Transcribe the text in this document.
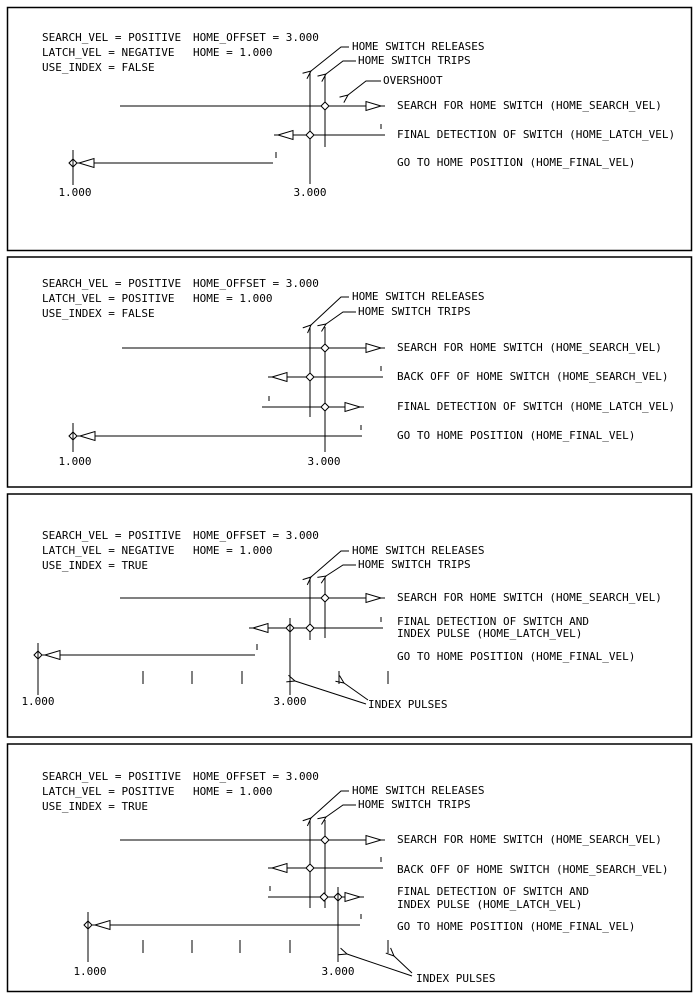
SEARCH_VEL = POSITIVE
LATCH_VEL = NEGATIVE
USE_INDEX = FALSE
HOME_OFFSET = 3.000
HOME = 1.000	HOME SWITCH RELEASES
HOME SWITCH TRIPS
OVERSHOOT
SEARCH FOR HOME SWITCH (HOME_SEARCH_VEL)
FINAL DETECTION OF SWITCH (HOME_LATCH_VEL)
GO TO HOME POSITION (HOME_FINAL_VEL)
1.000	3.000
SEARCH_VEL = POSITIVE
LATCH_VEL = POSITIVE
USE_INDEX = FALSE
HOME_OFFSET = 3.000
HOME = 1.000	HOME SWITCH RELEASES
HOME SWITCH TRIPS
SEARCH FOR HOME SWITCH (HOME_SEARCH_VEL)
BACK OFF OF HOME SWITCH (HOME_SEARCH_VEL)
FINAL DETECTION OF SWITCH (HOME_LATCH_VEL)
GO TO HOME POSITION (HOME_FINAL_VEL)
1.000	3.000
SEARCH_VEL = POSITIVE
LATCH_VEL = NEGATIVE
USE_INDEX = TRUE
HOME_OFFSET = 3.000
HOME = 1.000	HOME SWITCH RELEASES
HOME SWITCH TRIPS
SEARCH FOR HOME SWITCH (HOME_SEARCH_VEL)
FINAL DETECTION OF SWITCH AND
INDEX PULSE (HOME_LATCH_VEL)
GO TO HOME POSITION (HOME_FINAL_VEL)
1.000	3.000	INDEX PULSES
SEARCH_VEL = POSITIVE
LATCH_VEL = POSITIVE
USE_INDEX = TRUE
HOME_OFFSET = 3.000
HOME = 1.000	HOME SWITCH RELEASES
HOME SWITCH TRIPS
SEARCH FOR HOME SWITCH (HOME_SEARCH_VEL)
BACK OFF OF HOME SWITCH (HOME_SEARCH_VEL)
FINAL DETECTION OF SWITCH AND
INDEX PULSE (HOME_LATCH_VEL)
GO TO HOME POSITION (HOME_FINAL_VEL)
1.000	3.000
INDEX PULSES
